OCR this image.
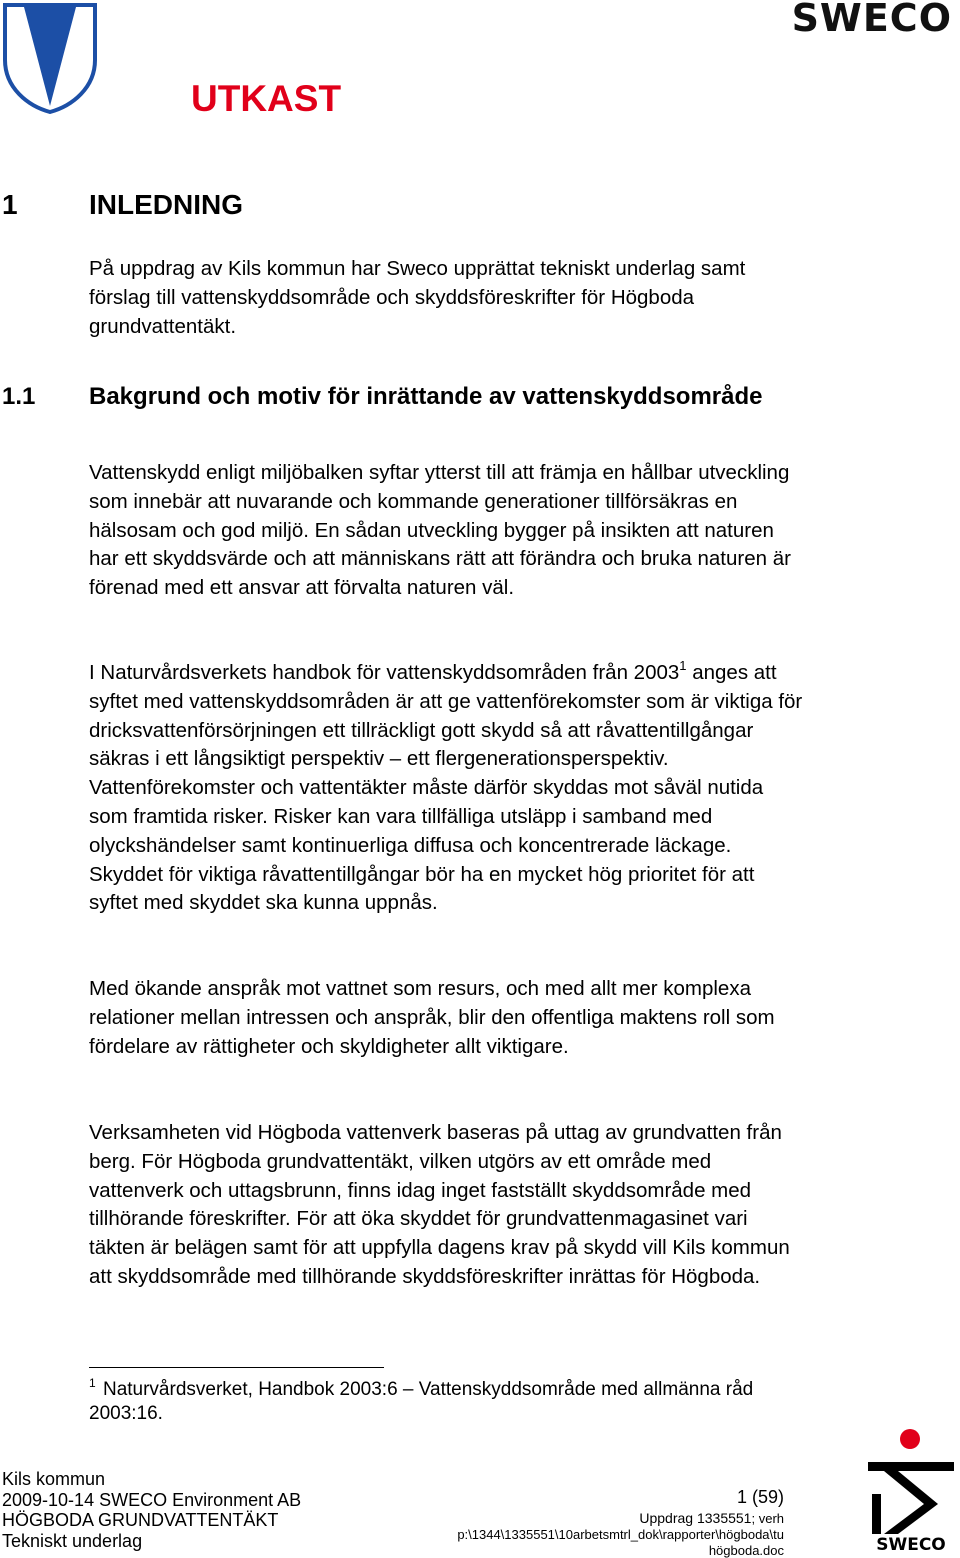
SWECO
UTKAST
1	INLEDNING

På uppdrag av Kils kommun har Sweco upprättat tekniskt underlag samt förslag till vattenskyddsområde och skyddsföreskrifter för Högboda grundvattentäkt.

1.1 Bakgrund och motiv för inrättande av vattenskyddsområde

Vattenskydd enligt miljöbalken syftar ytterst till att främja en hållbar utveckling som innebär att nuvarande och kommande generationer tillförsäkras en hälsosam och god miljö. En sådan utveckling bygger på insikten att naturen har ett skyddsvärde och att människans rätt att förändra och bruka naturen är förenad med ett ansvar att förvalta naturen väl.

I Naturvårdsverkets handbok för vattenskyddsområden från 2003$^1$ anges att syftet med vattenskyddsområden är att ge vattenförekomster som är viktiga för dricksvattenförsörjningen ett tillräckligt gott skydd så att råvattentillgångar säkras i ett långsiktigt perspektiv – ett flergenerationsperspektiv. Vattenförekomster och vattentäkter måste därför skyddas mot såväl nutida som framtida risker. Risker kan vara tillfälliga utsläpp i samband med olyckshändelser samt kontinuerliga diffusa och koncentrerade läckage. Skyddet för viktiga råvattentillgångar bör ha en mycket hög prioritet för att syftet med skyddet ska kunna uppnås.

Med ökande anspråk mot vattnet som resurs, och med allt mer komplexa relationer mellan intressen och anspråk, blir den offentliga maktens roll som fördelare av rättigheter och skyldigheter allt viktigare.

Verksamheten vid Högboda vattenverk baseras på uttag av grundvatten från berg. För Högboda grundvattentäkt, vilken utgörs av ett område med vattenverk och uttagsbrunn, finns idag inget fastställt skyddsområde med tillhörande föreskrifter. För att öka skyddet för grundvattenmagasinet vari täkten är belägen samt för att uppfylla dagens krav på skydd vill Kils kommun att skyddsområde med tillhörande skyddsföreskrifter inrättas för Högboda.

$^1$ Naturvårdsverket, Handbok 2003:6 – Vattenskyddsområde med allmänna råd 2003:16.
Kils kommun
2009-10-14 SWECO Environment AB
HÖGBODA GRUNDVATTENTÄKT
Tekniskt underlag
1 (59)
Uppdrag 1335551; verh
p:\1344\1335551\10arbetsmtrl_dok\rapporter\högboda\tu
högboda.doc	SWECO
